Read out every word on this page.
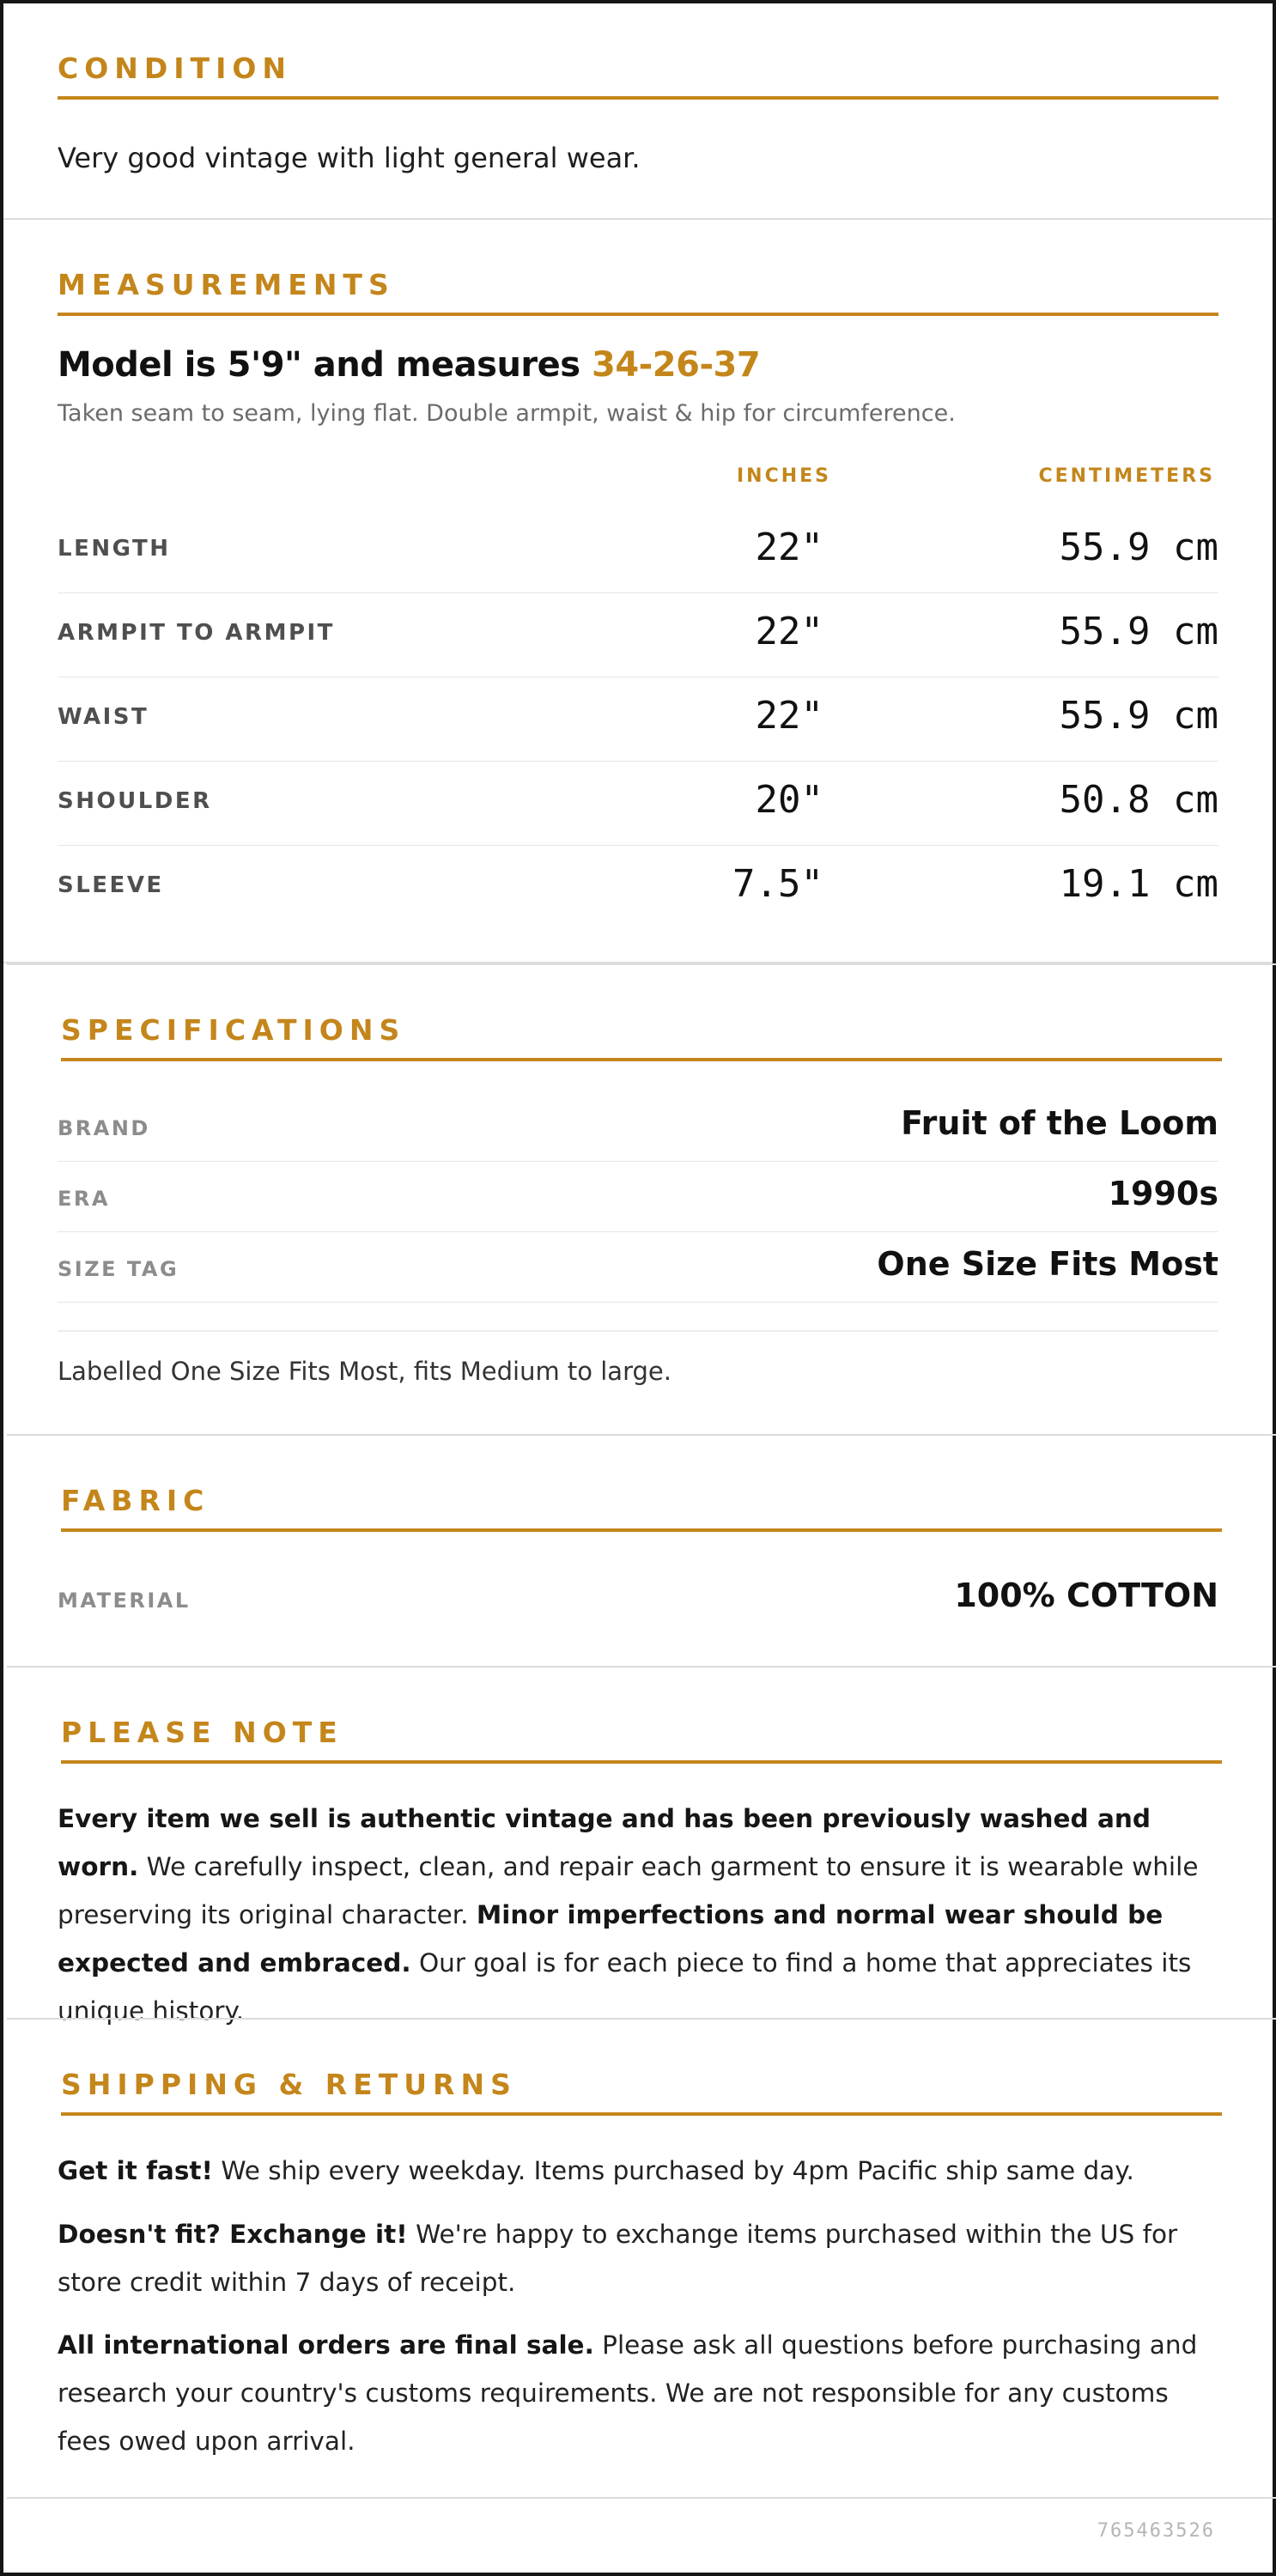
CONDITION
Very good vintage with light general wear.
MEASUREMENTS
Model is 5'9" and measures 34-26-37
Taken seam to seam, lying flat. Double armpit, waist & hip for circumference.
INCHES	CENTIMETERS
LENGTH	22"	55.9 cm
ARMPIT TO ARMPIT	22"	55.9 cm
WAIST	22"	55.9 cm
SHOULDER	20"	50.8 cm
SLEEVE	7.5"	19.1 cm
SPECIFICATIONS
BRAND	Fruit of the Loom
ERA	1990s
SIZE TAG	One Size Fits Most
Labelled One Size Fits Most, fits Medium to large.
FABRIC
MATERIAL	100% COTTON
PLEASE NOTE
Every item we sell is authentic vintage and has been previously washed and worn. We carefully inspect, clean, and repair each garment to ensure it is wearable while preserving its original character. Minor imperfections and normal wear should be expected and embraced. Our goal is for each piece to find a home that appreciates its unique history.
SHIPPING & RETURNS
Get it fast! We ship every weekday. Items purchased by 4pm Pacific ship same day.
Doesn't fit? Exchange it! We're happy to exchange items purchased within the US for store credit within 7 days of receipt.
All international orders are final sale. Please ask all questions before purchasing and research your country's customs requirements. We are not responsible for any customs fees owed upon arrival.
765463526
